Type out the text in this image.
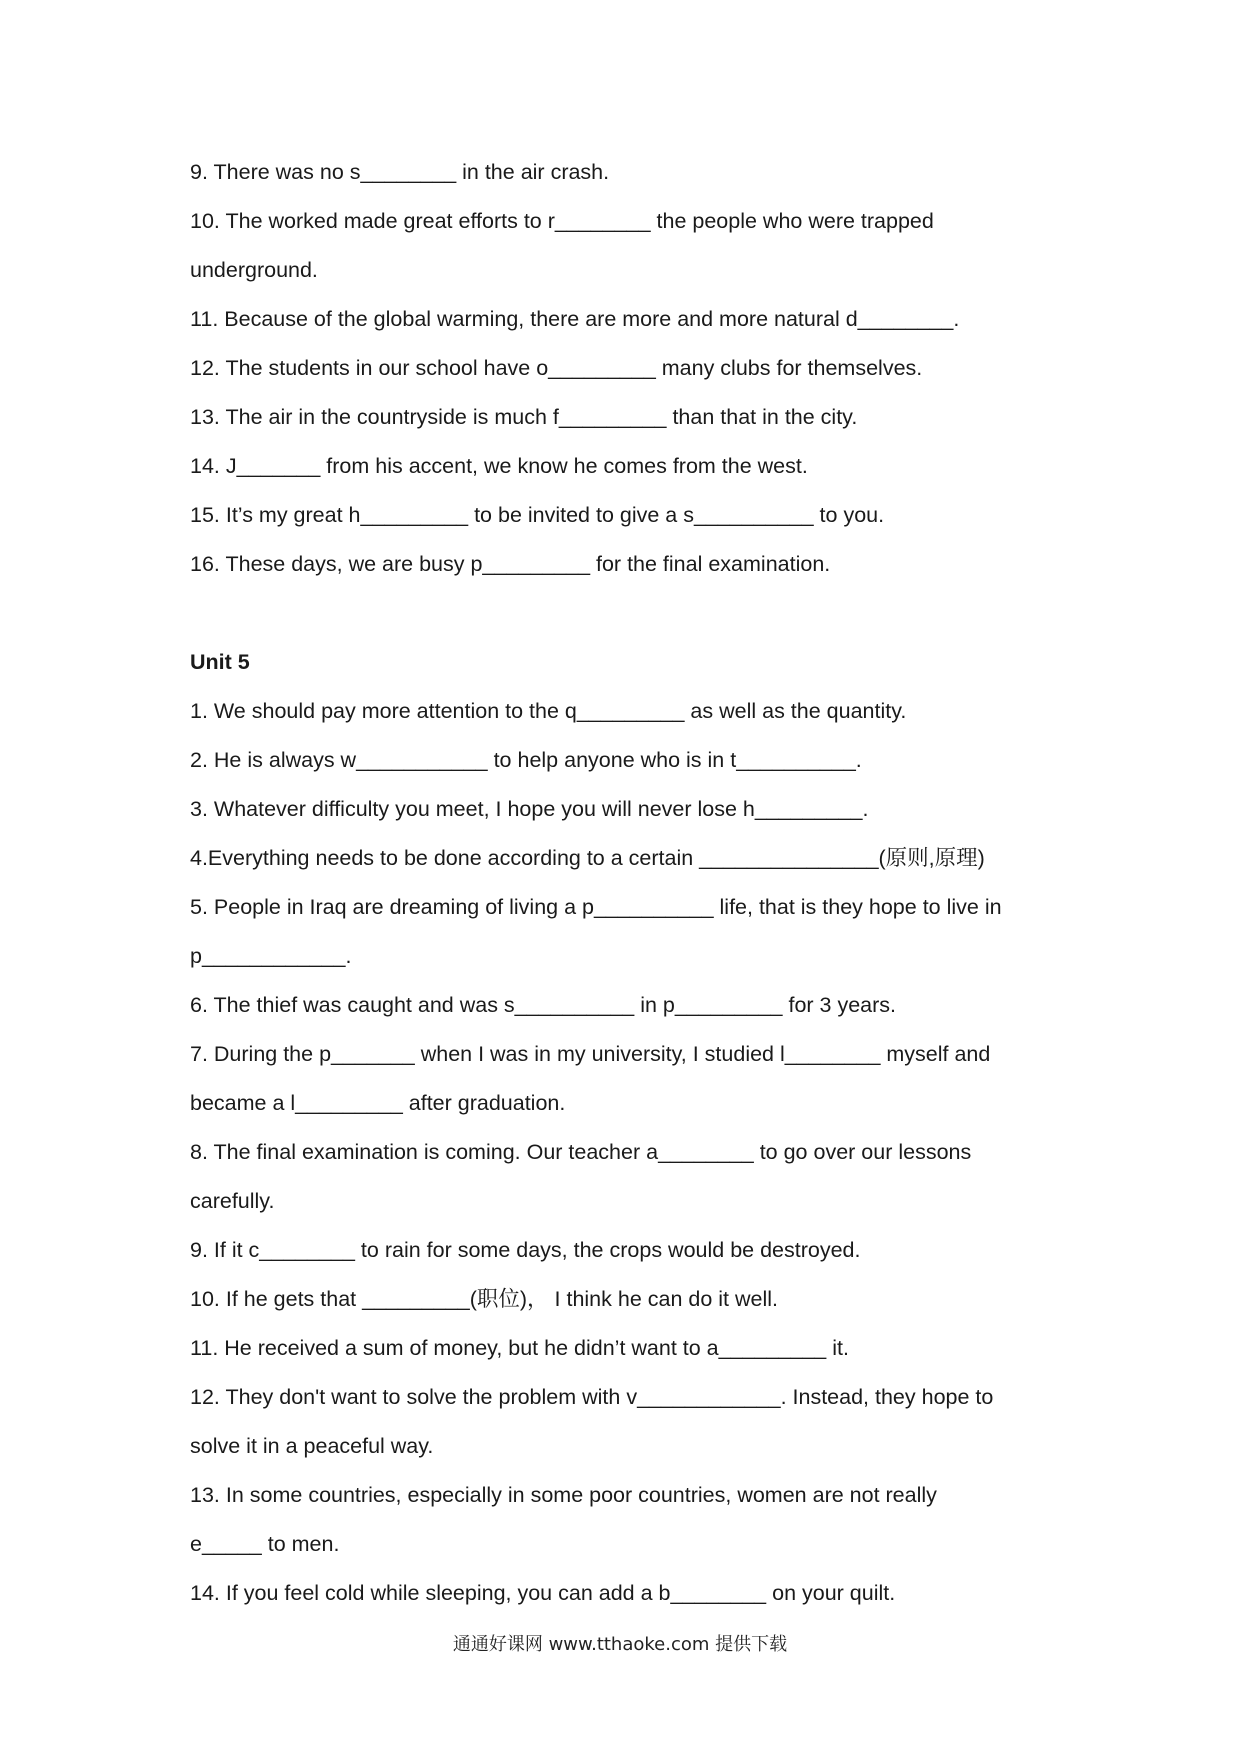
9. There was no s________ in the air crash.
10. The worked made great efforts to r________ the people who were trapped
underground.
11. Because of the global warming, there are more and more natural d________.
12. The students in our school have o_________ many clubs for themselves.
13. The air in the countryside is much f_________ than that in the city.
14. J_______ from his accent, we know he comes from the west.
15. It’s my great h_________ to be invited to give a s__________ to you.
16. These days, we are busy p_________ for the final examination.
Unit 5
1. We should pay more attention to the q_________ as well as the quantity.
2. He is always w___________ to help anyone who is in t__________.
3. Whatever difficulty you meet, I hope you will never lose h_________.
4.Everything needs to be done according to a certain _______________(原则,原理)
5. People in Iraq are dreaming of living a p__________ life, that is they hope to live in
p____________.
6. The thief was caught and was s__________ in p_________ for 3 years.
7. During the p_______ when I was in my university, I studied l________ myself and
became a l_________ after graduation.
8. The final examination is coming. Our teacher a________ to go over our lessons
carefully.
9. If it c________ to rain for some days, the crops would be destroyed.
10. If he gets that _________(职位)， I think he can do it well.
11. He received a sum of money, but he didn’t want to a_________ it.
12. They don't want to solve the problem with v____________. Instead, they hope to
solve it in a peaceful way.
13. In some countries, especially in some poor countries, women are not really
e_____ to men.
14. If you feel cold while sleeping, you can add a b________ on your quilt.
通通好课网 www.tthaoke.com 提供下载
